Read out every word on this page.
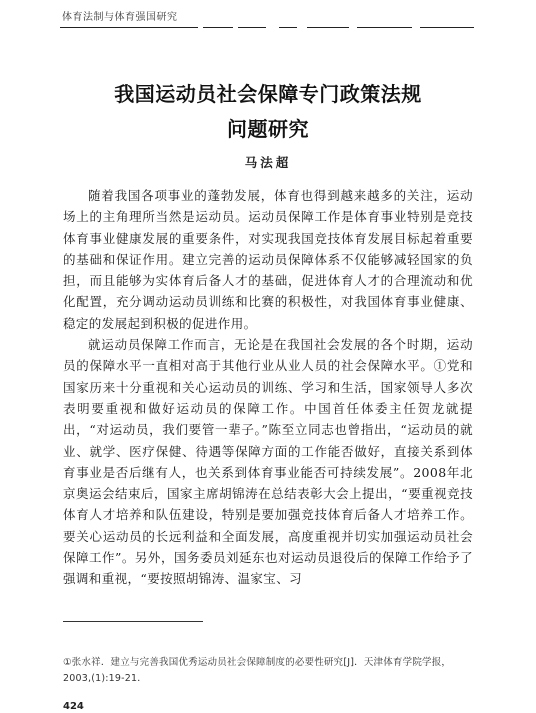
体育法制与体育强国研究
我国运动员社会保障专门政策法规
问题研究
马法超

随着我国各项事业的蓬勃发展，体育也得到越来越多的关注，运动场上的主角理所当然是运动员。运动员保障工作是体育事业特别是竞技体育事业健康发展的重要条件，对实现我国竞技体育发展目标起着重要的基础和保证作用。建立完善的运动员保障体系不仅能够减轻国家的负担，而且能够为实体育后备人才的基础，促进体育人才的合理流动和优化配置，充分调动运动员训练和比赛的积极性，对我国体育事业健康、稳定的发展起到积极的促进作用。

就运动员保障工作而言，无论是在我国社会发展的各个时期，运动员的保障水平一直相对高于其他行业从业人员的社会保障水平。①党和国家历来十分重视和关心运动员的训练、学习和生活，国家领导人多次表明要重视和做好运动员的保障工作。中国首任体委主任贺龙就提出，“对运动员，我们要管一辈子。”陈至立同志也曾指出，“运动员的就业、就学、医疗保健、待遇等保障方面的工作能否做好，直接关系到体育事业是否后继有人，也关系到体育事业能否可持续发展”。2008年北京奥运会结束后，国家主席胡锦涛在总结表彰大会上提出，“要重视竞技体育人才培养和队伍建设，特别是要加强竞技体育后备人才培养工作。要关心运动员的长远利益和全面发展，高度重视并切实加强运动员社会保障工作”。另外，国务委员刘延东也对运动员退役后的保障工作给予了强调和重视，“要按照胡锦涛、温家宝、习

①张水祥．建立与完善我国优秀运动员社会保障制度的必要性研究[J]．天津体育学院学报，2003,(1):19-21．
424
